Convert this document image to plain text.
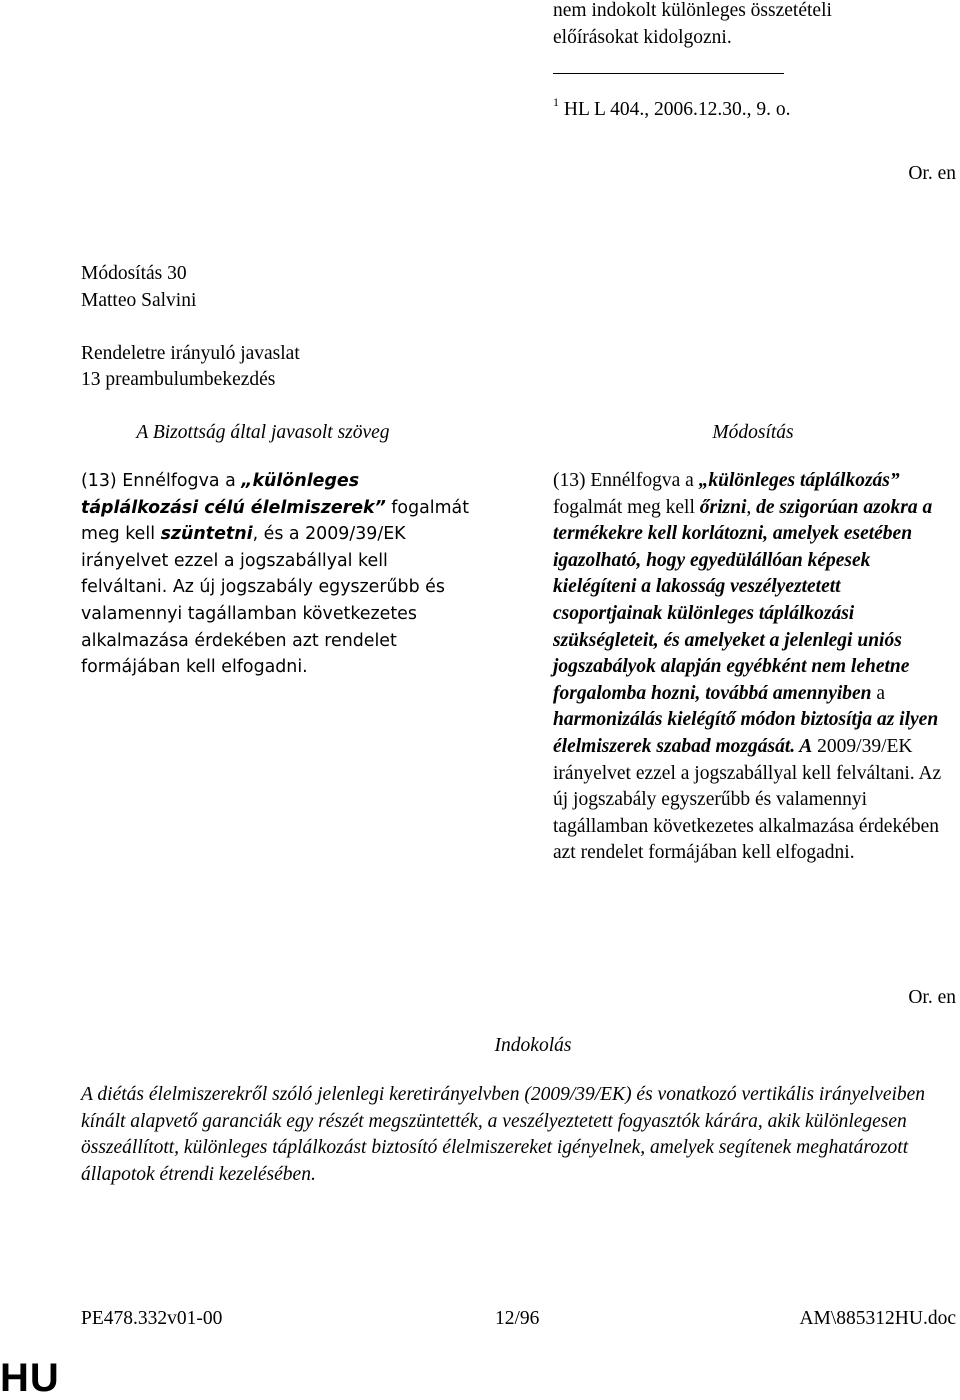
nem indokolt különleges összetételi
előírásokat kidolgozni.
$^1$ HL L 404., 2006.12.30., 9. o.
Or. en
Módosítás 30
Matteo Salvini
Rendeletre irányuló javaslat
13 preambulumbekezdés
A Bizottság által javasolt szöveg	Módosítás
(13) Ennélfogva a „különleges táplálkozási célú élelmiszerek” fogalmát meg kell szüntetni, és a 2009/39/EK irányelvet ezzel a jogszabállyal kell felváltani. Az új jogszabály egyszerűbb és valamennyi tagállamban következetes alkalmazása érdekében azt rendelet formájában kell elfogadni.
(13) Ennélfogva a „különleges táplálkozás” fogalmát meg kell őrizni, de szigorúan azokra a termékekre kell korlátozni, amelyek esetében igazolható, hogy egyedülállóan képesek kielégíteni a lakosság veszélyeztetett csoportjainak különleges táplálkozási szükségleteit, és amelyeket a jelenlegi uniós jogszabályok alapján egyébként nem lehetne forgalomba hozni, továbbá amennyiben a harmonizálás kielégítő módon biztosítja az ilyen élelmiszerek szabad mozgását. A 2009/39/EK irányelvet ezzel a jogszabállyal kell felváltani. Az új jogszabály egyszerűbb és valamennyi tagállamban következetes alkalmazása érdekében azt rendelet formájában kell elfogadni.
Or. en
Indokolás
A diétás élelmiszerekről szóló jelenlegi keretirányelvben (2009/39/EK) és vonatkozó vertikális irányelveiben kínált alapvető garanciák egy részét megszüntették, a veszélyeztetett fogyasztók kárára, akik különlegesen összeállított, különleges táplálkozást biztosító élelmiszereket igényelnek, amelyek segítenek meghatározott állapotok étrendi kezelésében.
PE478.332v01-00	12/96	AM\885312HU.doc
HU
